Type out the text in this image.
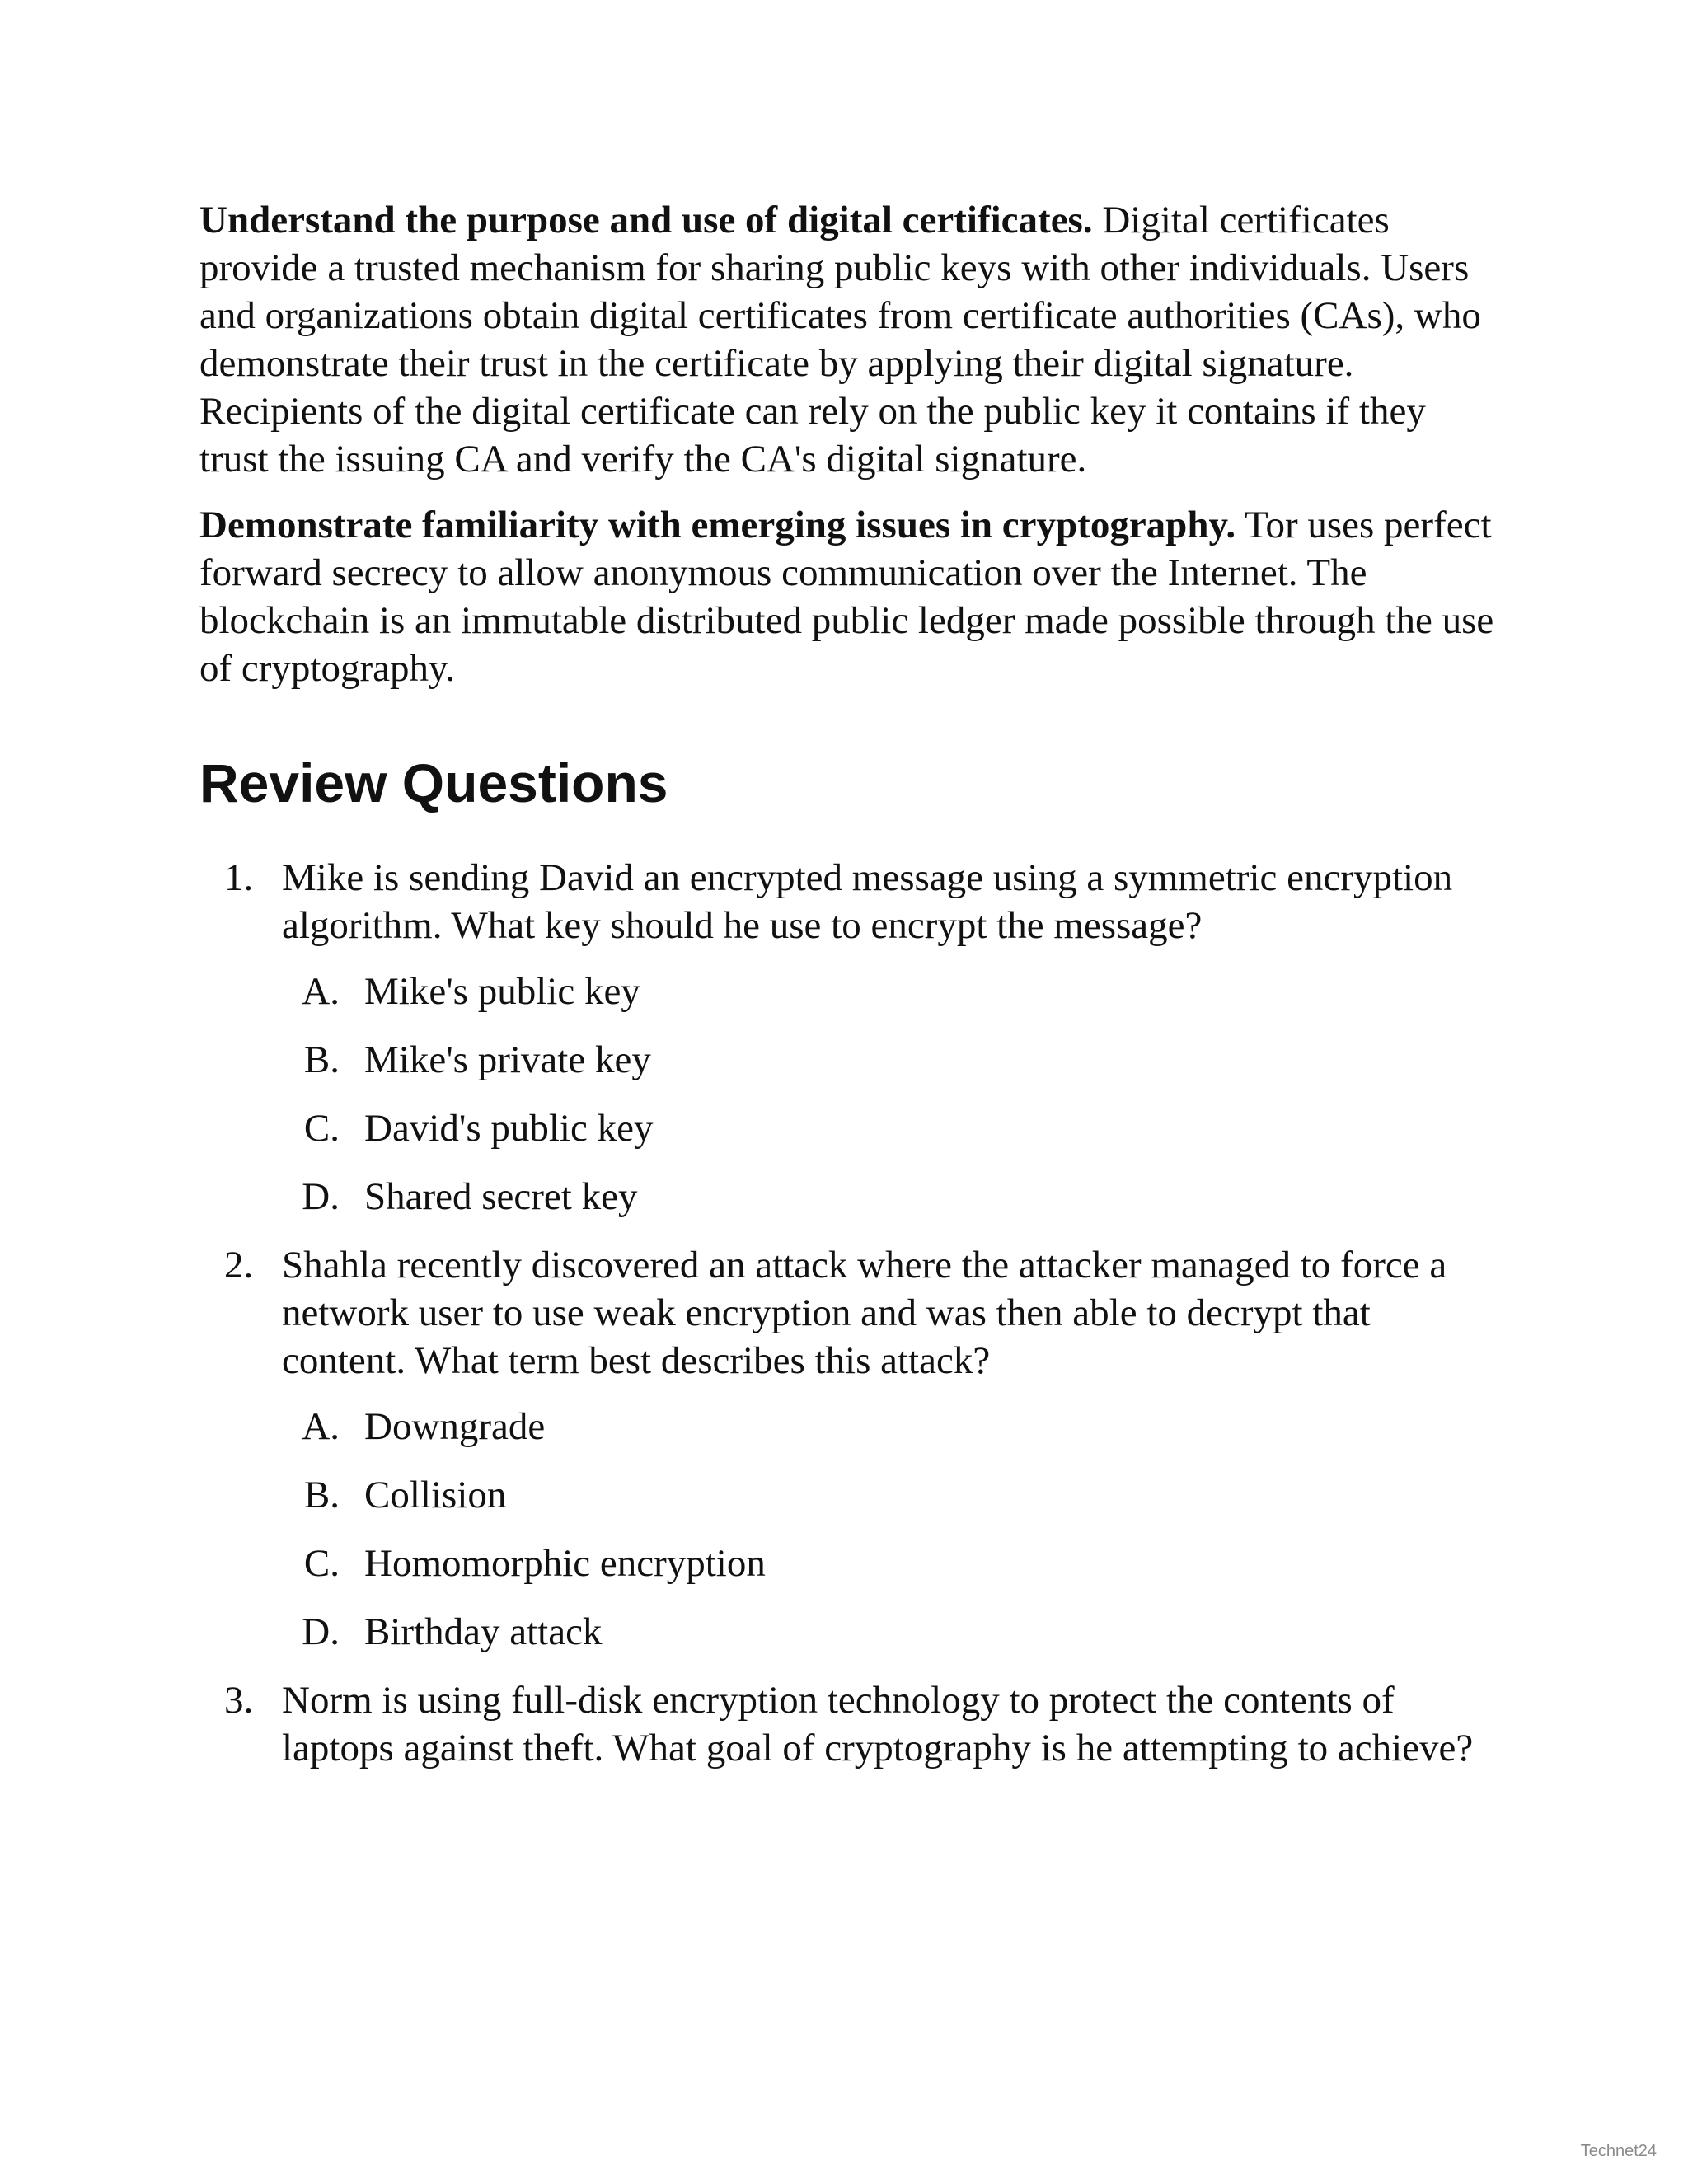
Understand the purpose and use of digital certificates. Digital certificates provide a trusted mechanism for sharing public keys with other individuals. Users and organizations obtain digital certificates from certificate authorities (CAs), who demonstrate their trust in the certificate by applying their digital signature. Recipients of the digital certificate can rely on the public key it contains if they trust the issuing CA and verify the CA's digital signature.

Demonstrate familiarity with emerging issues in cryptography. Tor uses perfect forward secrecy to allow anonymous communication over the Internet. The blockchain is an immutable distributed public ledger made possible through the use of cryptography.

Review Questions
1. Mike is sending David an encrypted message using a symmetric encryption algorithm. What key should he use to encrypt the message?

A. Mike's public key
B. Mike's private key
C. David's public key
D. Shared secret key
2. Shahla recently discovered an attack where the attacker managed to force a network user to use weak encryption and was then able to decrypt that content. What term best describes this attack?

A. Downgrade
B. Collision
C. Homomorphic encryption
D. Birthday attack
3. Norm is using full-disk encryption technology to protect the contents of laptops against theft. What goal of cryptography is he attempting to achieve?

Technet24
